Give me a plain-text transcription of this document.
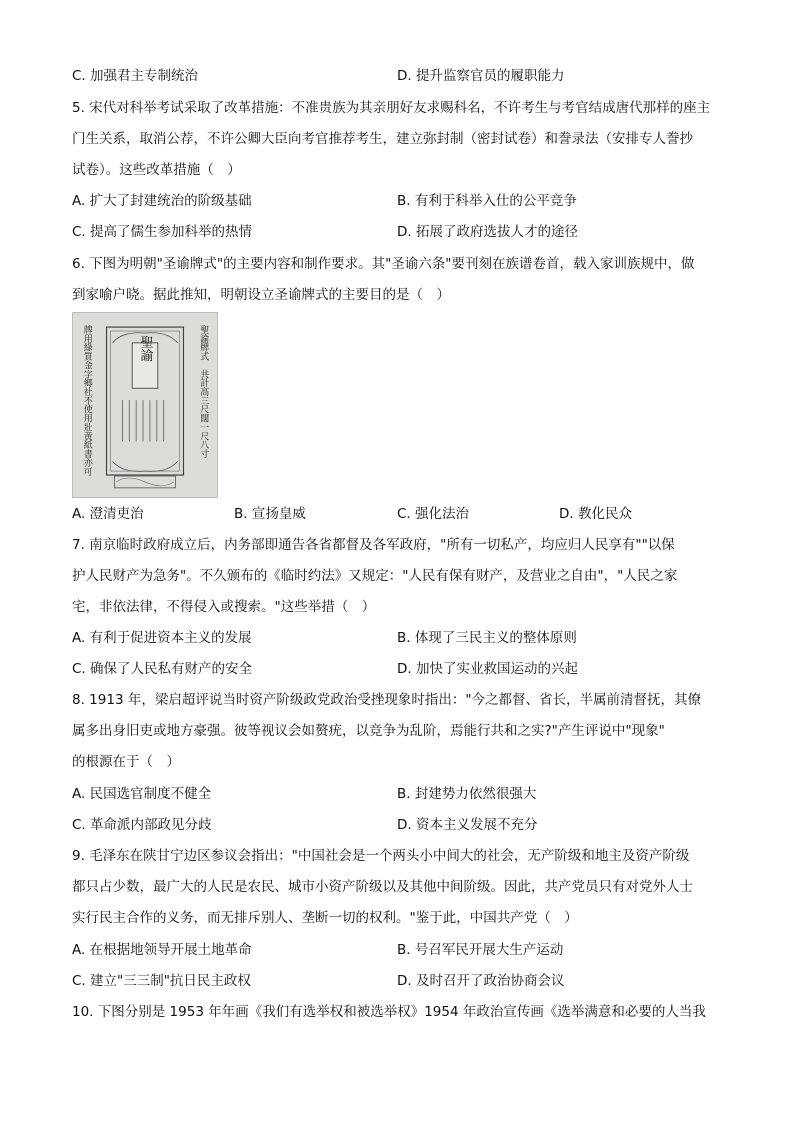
C. 加强君主专制统治	D. 提升监察官员的履职能力
5. 宋代对科举考试采取了改革措施：不准贵族为其亲朋好友求赐科名，不许考生与考官结成唐代那样的座主
门生关系，取消公荐，不许公卿大臣向考官推荐考生，建立弥封制（密封试卷）和誊录法（安排专人誊抄
试卷）。这些改革措施（　）
A. 扩大了封建统治的阶级基础	B. 有利于科举入仕的公平竞争
C. 提高了儒生参加科举的热情	D. 拓展了政府选拔人才的途径
6. 下图为明朝"圣谕牌式"的主要内容和制作要求。其"圣谕六条"要刊刻在族谱卷首，载入家训族规中，做
到家喻户晓。据此推知，明朝设立圣谕牌式的主要目的是（　）
牌用綠質金字鄉社不使用壯黄紙書亦可	聖諭牌式　共計高三尺闊一尺八寸
聖諭
A. 澄清吏治	B. 宣扬皇威	C. 强化法治	D. 教化民众
7. 南京临时政府成立后，内务部即通告各省都督及各军政府，"所有一切私产，均应归人民享有""以保
护人民财产为急务"。不久颁布的《临时约法》又规定："人民有保有财产，及营业之自由"，"人民之家
宅，非依法律，不得侵入或搜索。"这些举措（　）
A. 有利于促进资本主义的发展	B. 体现了三民主义的整体原则
C. 确保了人民私有财产的安全	D. 加快了实业救国运动的兴起
8. 1913 年，梁启超评说当时资产阶级政党政治受挫现象时指出："今之都督、省长，半属前清督抚，其僚
属多出身旧吏或地方豪强。彼等视议会如赘疣，以竞争为乱阶，焉能行共和之实?"产生评说中"现象"
的根源在于（　）
A. 民国选官制度不健全	B. 封建势力依然很强大
C. 革命派内部政见分歧	D. 资本主义发展不充分
9. 毛泽东在陕甘宁边区参议会指出："中国社会是一个两头小中间大的社会，无产阶级和地主及资产阶级
都只占少数，最广大的人民是农民、城市小资产阶级以及其他中间阶级。因此，共产党员只有对党外人士
实行民主合作的义务，而无排斥别人、垄断一切的权利。"鉴于此，中国共产党（　）
A. 在根据地领导开展土地革命	B. 号召军民开展大生产运动
C. 建立"三三制"抗日民主政权	D. 及时召开了政治协商会议
10. 下图分别是 1953 年年画《我们有选举权和被选举权》1954 年政治宣传画《选举满意和必要的人当我
